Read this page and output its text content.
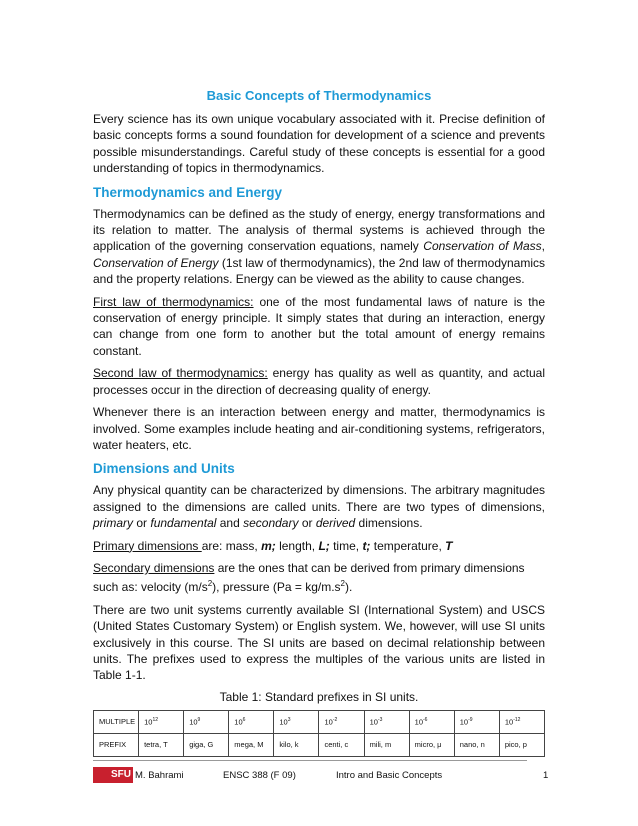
Basic Concepts of Thermodynamics

Every science has its own unique vocabulary associated with it. Precise definition of basic concepts forms a sound foundation for development of a science and prevents possible misunderstandings. Careful study of these concepts is essential for a good understanding of topics in thermodynamics.

Thermodynamics and Energy

Thermodynamics can be defined as the study of energy, energy transformations and its relation to matter. The analysis of thermal systems is achieved through the application of the governing conservation equations, namely Conservation of Mass, Conservation of Energy (1st law of thermodynamics), the 2nd law of thermodynamics and the property relations. Energy can be viewed as the ability to cause changes.

First law of thermodynamics: one of the most fundamental laws of nature is the conservation of energy principle. It simply states that during an interaction, energy can change from one form to another but the total amount of energy remains constant.

Second law of thermodynamics: energy has quality as well as quantity, and actual processes occur in the direction of decreasing quality of energy.

Whenever there is an interaction between energy and matter, thermodynamics is involved. Some examples include heating and air-conditioning systems, refrigerators, water heaters, etc.

Dimensions and Units

Any physical quantity can be characterized by dimensions. The arbitrary magnitudes assigned to the dimensions are called units. There are two types of dimensions, primary or fundamental and secondary or derived dimensions.

Primary dimensions are: mass, m; length, L; time, t; temperature, T

Secondary dimensions are the ones that can be derived from primary dimensions such as: velocity $(m/s^2)$, pressure $(Pa = kg/m.s^2)$.

There are two unit systems currently available SI (International System) and USCS (United States Customary System) or English system. We, however, will use SI units exclusively in this course. The SI units are based on decimal relationship between units. The prefixes used to express the multiples of the various units are listed in Table 1-1.

Table 1: Standard prefixes in SI units.
MULTIPLE	$10^{12}$	$10^9$	$10^6$	$10^3$	$10^{-2}$	$10^{-3}$	$10^{-6}$	$10^{-9}$	$10^{-12}$
PREFIX	tetra, T	giga, G	mega, M	kilo, k	centi, c	mili, m	micro, μ	nano, n	pico, p
SFU M. Bahrami	ENSC 388 (F 09)	Intro and Basic Concepts	1
